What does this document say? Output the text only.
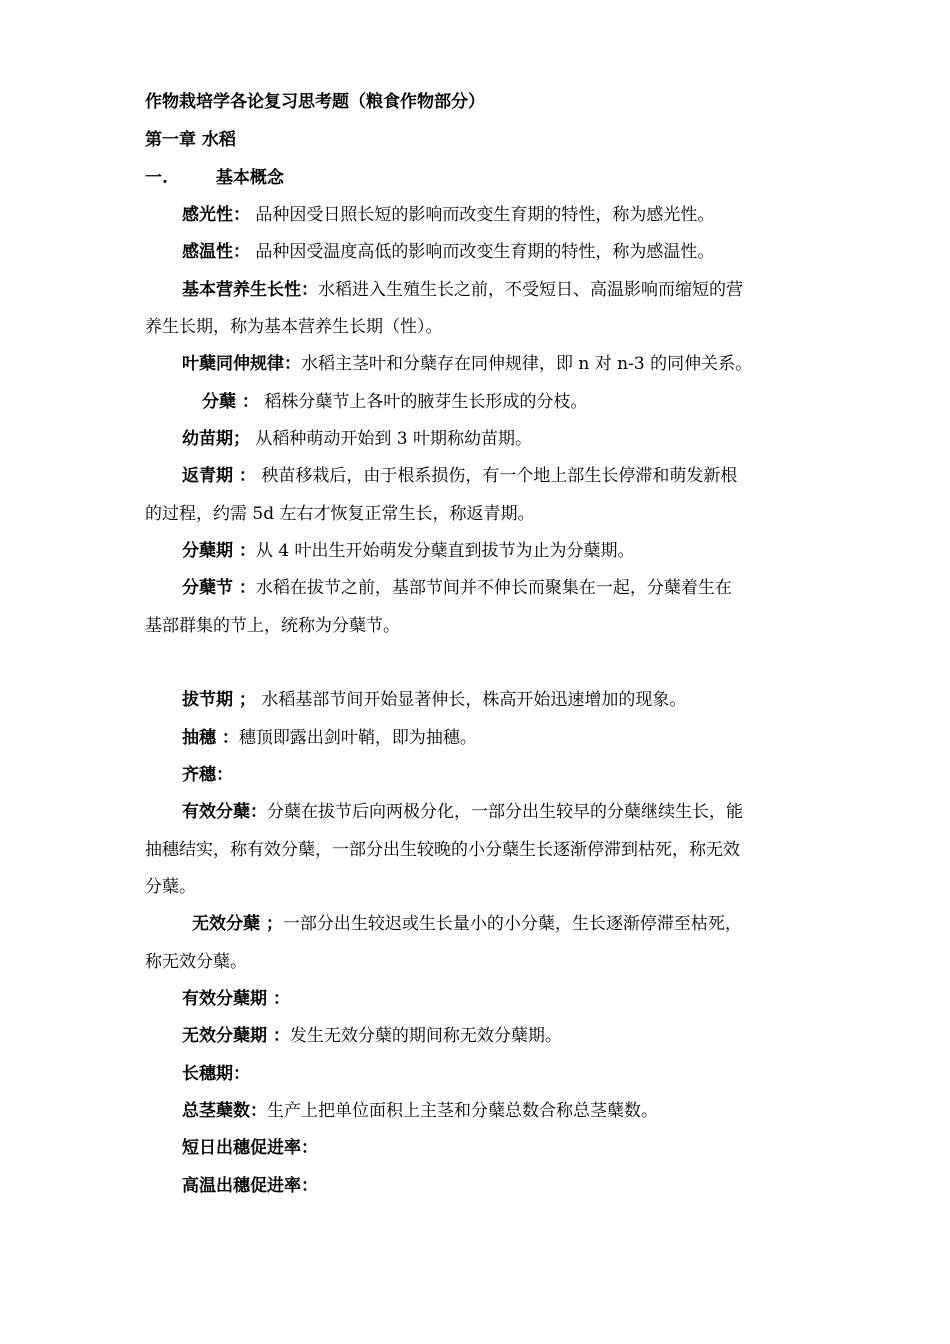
作物栽培学各论复习思考题（粮食作物部分）
第一章 水稻
一.	基本概念
感光性： 品种因受日照长短的影响而改变生育期的特性，称为感光性。
感温性： 品种因受温度高低的影响而改变生育期的特性，称为感温性。
基本营养生长性：水稻进入生殖生长之前，不受短日、高温影响而缩短的营
养生长期，称为基本营养生长期（性）。
叶蘖同伸规律：水稻主茎叶和分蘖存在同伸规律，即 n 对 n-3 的同伸关系。
分蘖 ： 稻株分蘖节上各叶的腋芽生长形成的分枝。
幼苗期； 从稻种萌动开始到 3 叶期称幼苗期。
返青期 ： 秧苗移栽后，由于根系损伤，有一个地上部生长停滞和萌发新根
的过程，约需 5d 左右才恢复正常生长，称返青期。
分蘖期 ：从 4 叶出生开始萌发分蘖直到拔节为止为分蘖期。
分蘖节 ：水稻在拔节之前，基部节间并不伸长而聚集在一起，分蘖着生在
基部群集的节上，统称为分蘖节。
拔节期 ； 水稻基部节间开始显著伸长，株高开始迅速增加的现象。
抽穗 ：穗顶即露出剑叶鞘，即为抽穗。
齐穗：
有效分蘖：分蘖在拔节后向两极分化，一部分出生较早的分蘖继续生长，能
抽穗结实，称有效分蘖，一部分出生较晚的小分蘖生长逐渐停滞到枯死，称无效
分蘖。
无效分蘖 ；一部分出生较迟或生长量小的小分蘖，生长逐渐停滞至枯死，
称无效分蘖。
有效分蘖期 ：
无效分蘖期 ：发生无效分蘖的期间称无效分蘖期。
长穗期：
总茎蘖数：生产上把单位面积上主茎和分蘖总数合称总茎蘖数。
短日出穗促进率：
高温出穗促进率：
